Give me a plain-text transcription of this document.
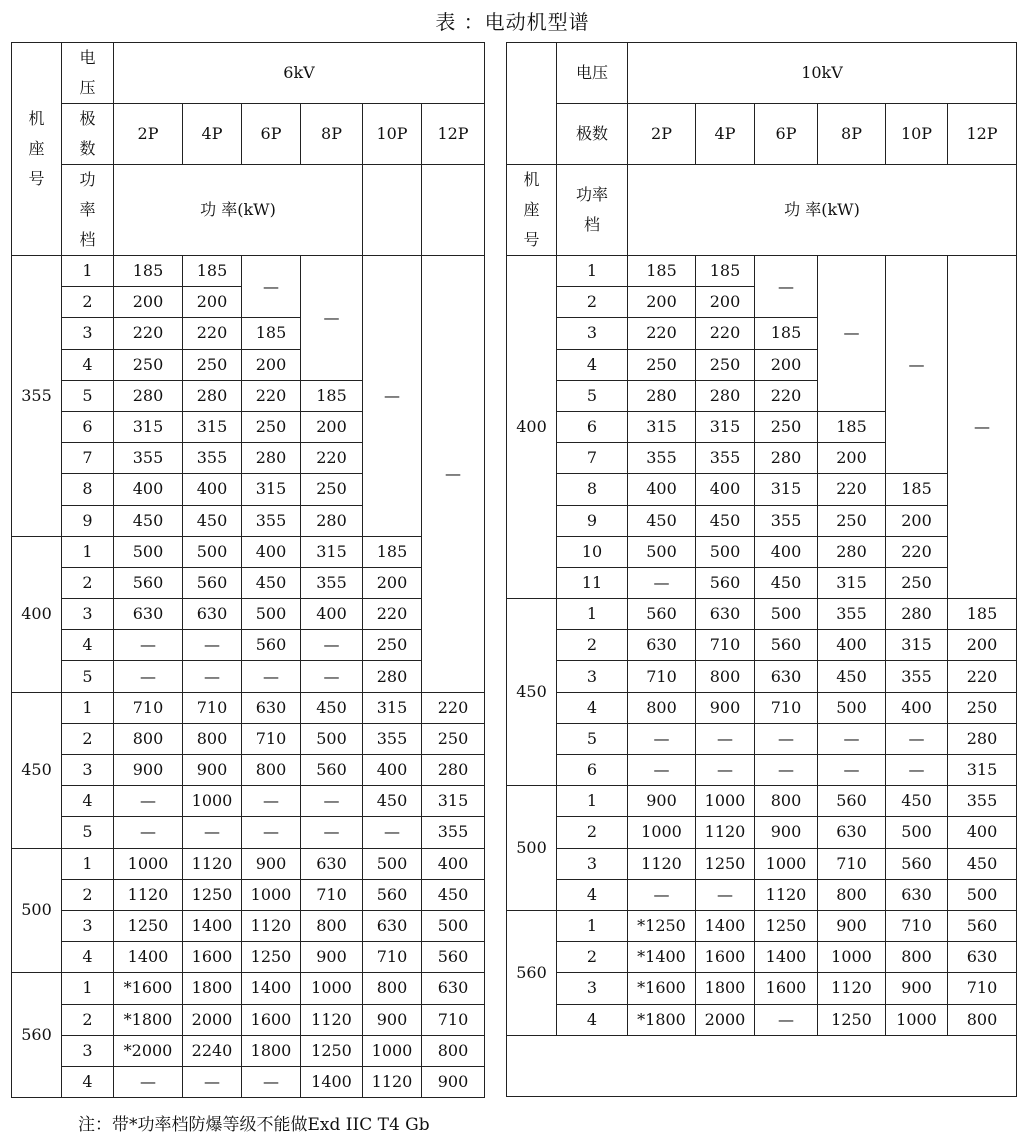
表 ：电动机型谱
机
座
号	电
压	6kV					
	极
数	2P	4P	6P	8P	10P	12P
	功
率
档	功 率(kW)					
355	1	185	185	—	—	—	—
	2	200	200				
	3	220	220	185			
	4	250	250	200			
	5	280	280	220	185		
	6	315	315	250	200		
	7	355	355	280	220		
	8	400	400	315	250		
	9	450	450	355	280		
400	1	500	500	400	315	185	
	2	560	560	450	355	200	
	3	630	630	500	400	220	
	4	—	—	560	—	250	
	5	—	—	—	—	280	
450	1	710	710	630	450	315	220
	2	800	800	710	500	355	250
	3	900	900	800	560	400	280
	4	—	1000	—	—	450	315
	5	—	—	—	—	—	355
500	1	1000	1120	900	630	500	400
	2	1120	1250	1000	710	560	450
	3	1250	1400	1120	800	630	500
	4	1400	1600	1250	900	710	560
560	1	*1600	1800	1400	1000	800	630
	2	*1800	2000	1600	1120	900	710
	3	*2000	2240	1800	1250	1000	800
	4	—	—	—	1400	1120	900
	电压	10kV					
	极数	2P	4P	6P	8P	10P	12P
机
座
号	功率
档	功 率(kW)					
400	1	185	185	—	—	—	—
	2	200	200				
	3	220	220	185			
	4	250	250	200			
	5	280	280	220			
	6	315	315	250	185		
	7	355	355	280	200		
	8	400	400	315	220	185	
	9	450	450	355	250	200	
	10	500	500	400	280	220	
	11	—	560	450	315	250	
450	1	560	630	500	355	280	185
	2	630	710	560	400	315	200
	3	710	800	630	450	355	220
	4	800	900	710	500	400	250
	5	—	—	—	—	—	280
	6	—	—	—	—	—	315
500	1	900	1000	800	560	450	355
	2	1000	1120	900	630	500	400
	3	1120	1250	1000	710	560	450
	4	—	—	1120	800	630	500
560	1	*1250	1400	1250	900	710	560
	2	*1400	1600	1400	1000	800	630
	3	*1600	1800	1600	1120	900	710
	4	*1800	2000	—	1250	1000	800

注：带*功率档防爆等级不能做Exd IIC T4 Gb
